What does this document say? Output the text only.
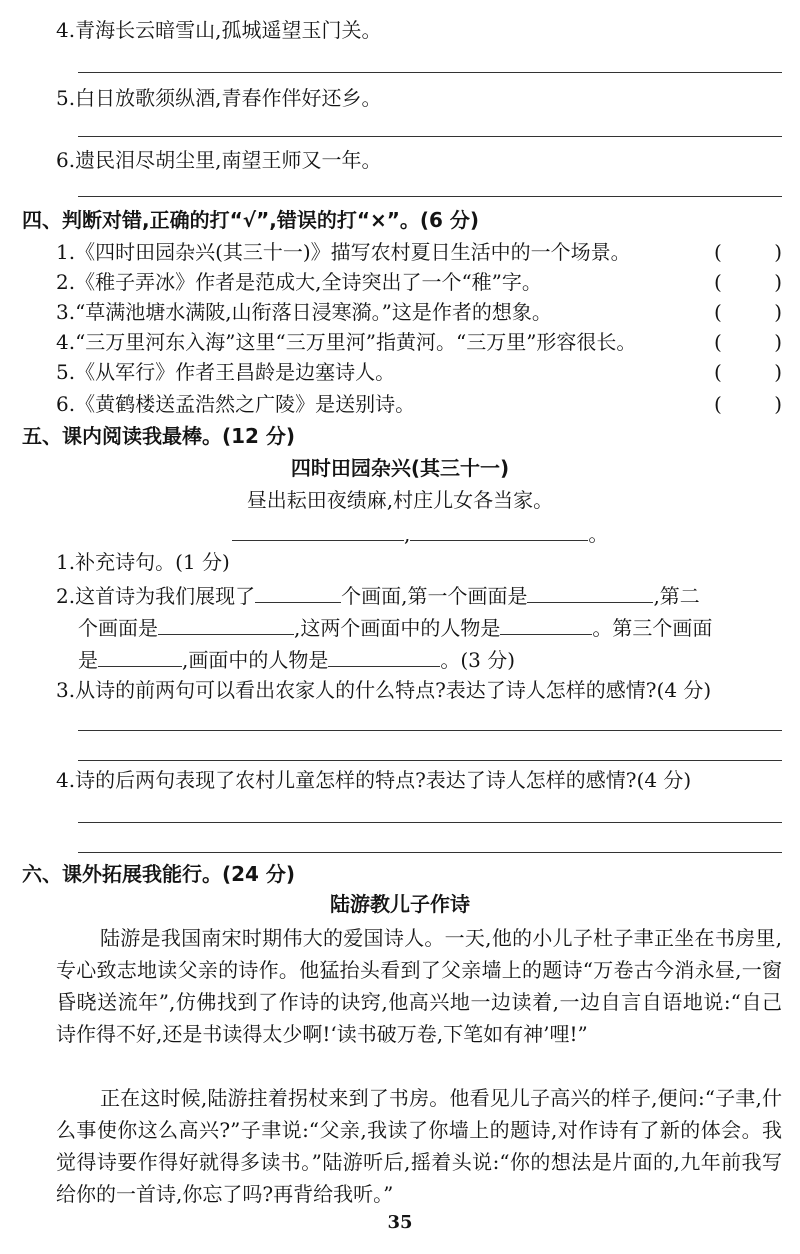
4.青海长云暗雪山,孤城遥望玉门关。
5.白日放歌须纵酒,青春作伴好还乡。
6.遗民泪尽胡尘里,南望王师又一年。
四、判断对错,正确的打“√”,错误的打“×”。(6 分)
1.《四时田园杂兴(其三十一)》描写农村夏日生活中的一个场景。	(	)
2.《稚子弄冰》作者是范成大,全诗突出了一个“稚”字。	(	)
3.“草满池塘水满陂,山衔落日浸寒漪。”这是作者的想象。	(	)
4.“三万里河东入海”这里“三万里河”指黄河。“三万里”形容很长。	(	)
5.《从军行》作者王昌龄是边塞诗人。	(	)
6.《黄鹤楼送孟浩然之广陵》是送别诗。	(	)
五、课内阅读我最棒。(12 分)
四时田园杂兴(其三十一)
昼出耘田夜绩麻,村庄儿女各当家。
,	。
1.补充诗句。(1 分)
2.这首诗为我们展现了	个画面,第一个画面是	,第二
个画面是	,这两个画面中的人物是	。第三个画面
是	,画面中的人物是	。(3 分)
3.从诗的前两句可以看出农家人的什么特点?表达了诗人怎样的感情?(4 分)
4.诗的后两句表现了农村儿童怎样的特点?表达了诗人怎样的感情?(4 分)
六、课外拓展我能行。(24 分)
陆游教儿子作诗
陆游是我国南宋时期伟大的爱国诗人。一天,他的小儿子杜子聿正坐在书房里,专心致志地读父亲的诗作。他猛抬头看到了父亲墙上的题诗“万卷古今消永昼,一窗昏晓送流年”,仿佛找到了作诗的诀窍,他高兴地一边读着,一边自言自语地说:“自己诗作得不好,还是书读得太少啊!‘读书破万卷,下笔如有神’哩!”
正在这时候,陆游拄着拐杖来到了书房。他看见儿子高兴的样子,便问:“子聿,什么事使你这么高兴?”子聿说:“父亲,我读了你墙上的题诗,对作诗有了新的体会。我觉得诗要作得好就得多读书。”陆游听后,摇着头说:“你的想法是片面的,九年前我写给你的一首诗,你忘了吗?再背给我听。”
35
